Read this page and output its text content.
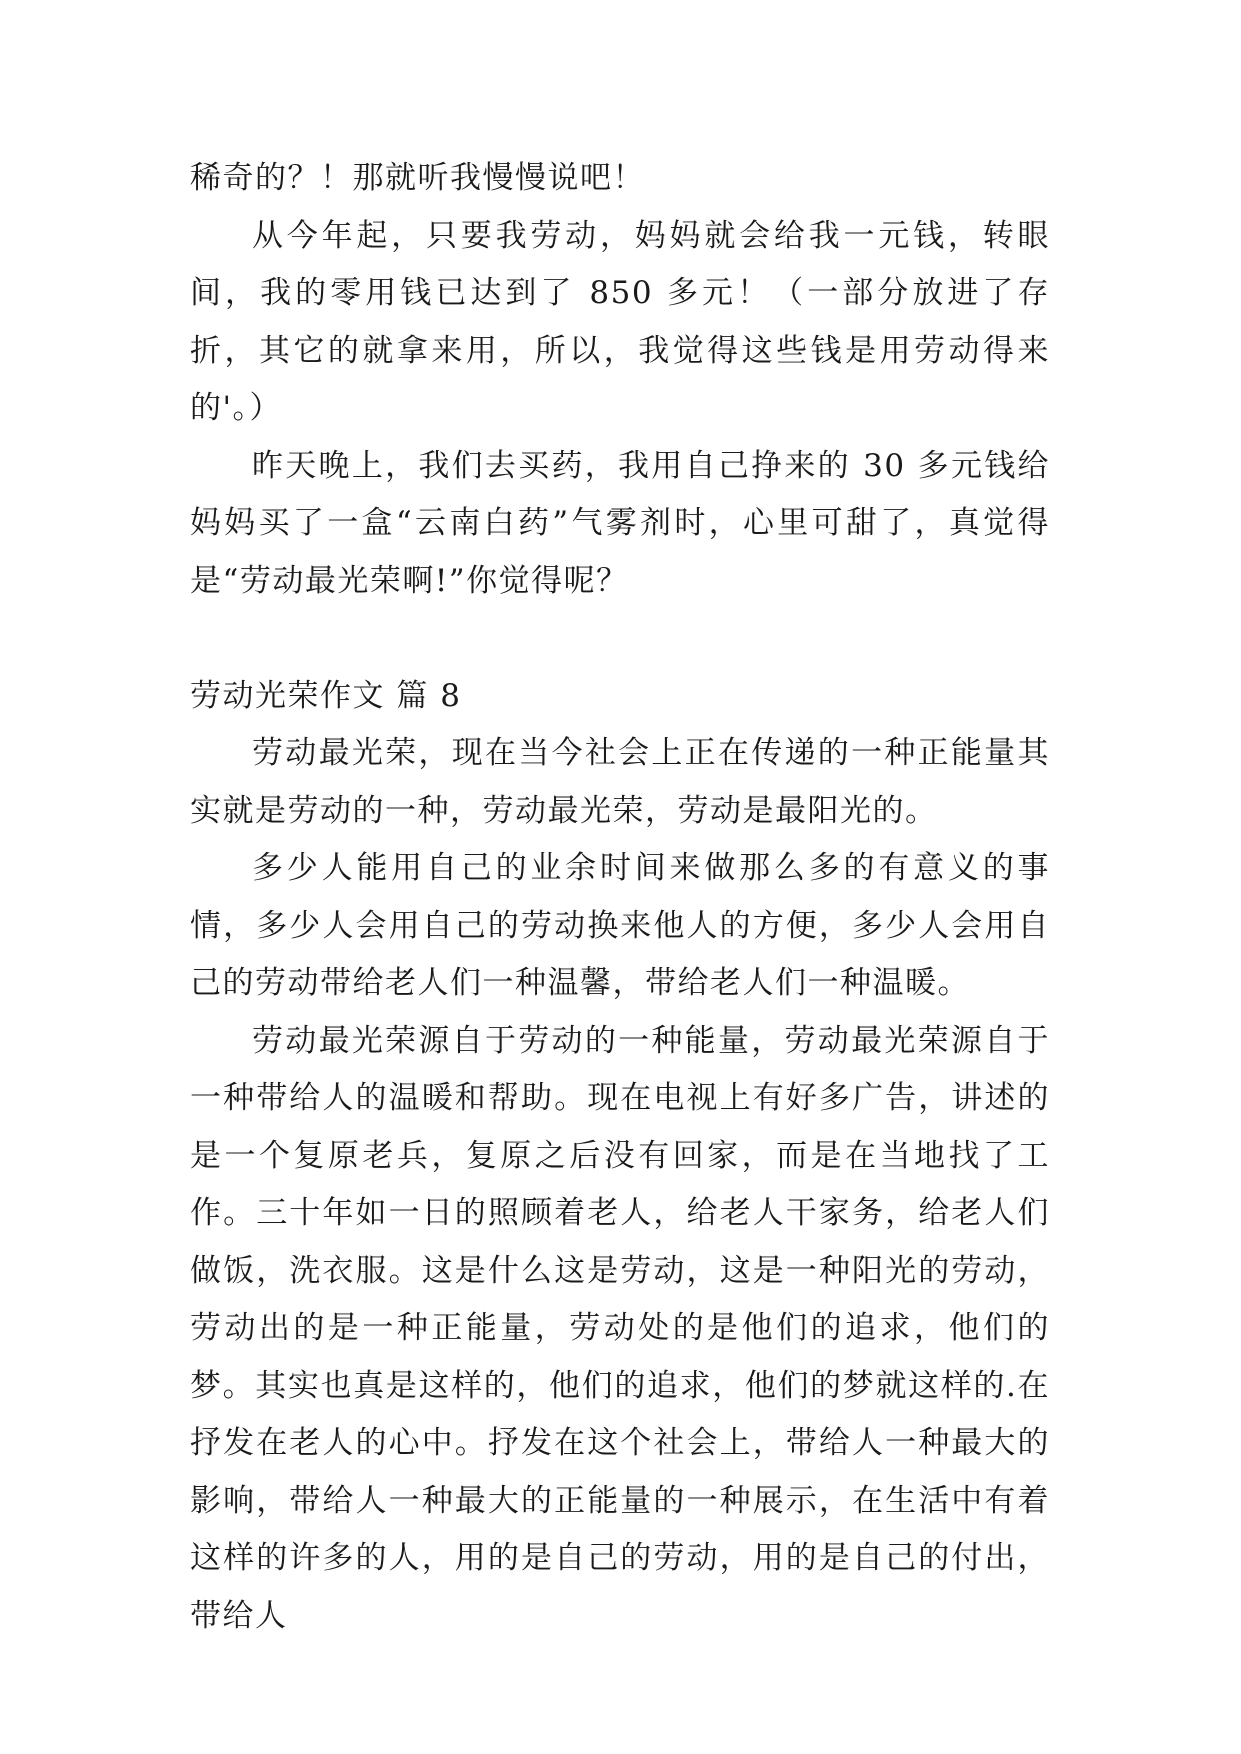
稀奇的？！那就听我慢慢说吧！

从今年起，只要我劳动，妈妈就会给我一元钱，转眼间，我的零用钱已达到了 850 多元！（一部分放进了存折，其它的就拿来用，所以，我觉得这些钱是用劳动得来的'。）

昨天晚上，我们去买药，我用自己挣来的 30 多元钱给妈妈买了一盒“云南白药”气雾剂时，心里可甜了，真觉得是“劳动最光荣啊!”你觉得呢？

劳动光荣作文 篇 8

劳动最光荣，现在当今社会上正在传递的一种正能量其实就是劳动的一种，劳动最光荣，劳动是最阳光的。

多少人能用自己的业余时间来做那么多的有意义的事情，多少人会用自己的劳动换来他人的方便，多少人会用自己的劳动带给老人们一种温馨，带给老人们一种温暖。

劳动最光荣源自于劳动的一种能量，劳动最光荣源自于一种带给人的温暖和帮助。现在电视上有好多广告，讲述的是一个复原老兵，复原之后没有回家，而是在当地找了工作。三十年如一日的照顾着老人，给老人干家务，给老人们做饭，洗衣服。这是什么这是劳动，这是一种阳光的劳动，劳动出的是一种正能量，劳动处的是他们的追求，他们的梦。其实也真是这样的，他们的追求，他们的梦就这样的.在抒发在老人的心中。抒发在这个社会上，带给人一种最大的影响，带给人一种最大的正能量的一种展示，在生活中有着这样的许多的人，用的是自己的劳动，用的是自己的付出，带给人
